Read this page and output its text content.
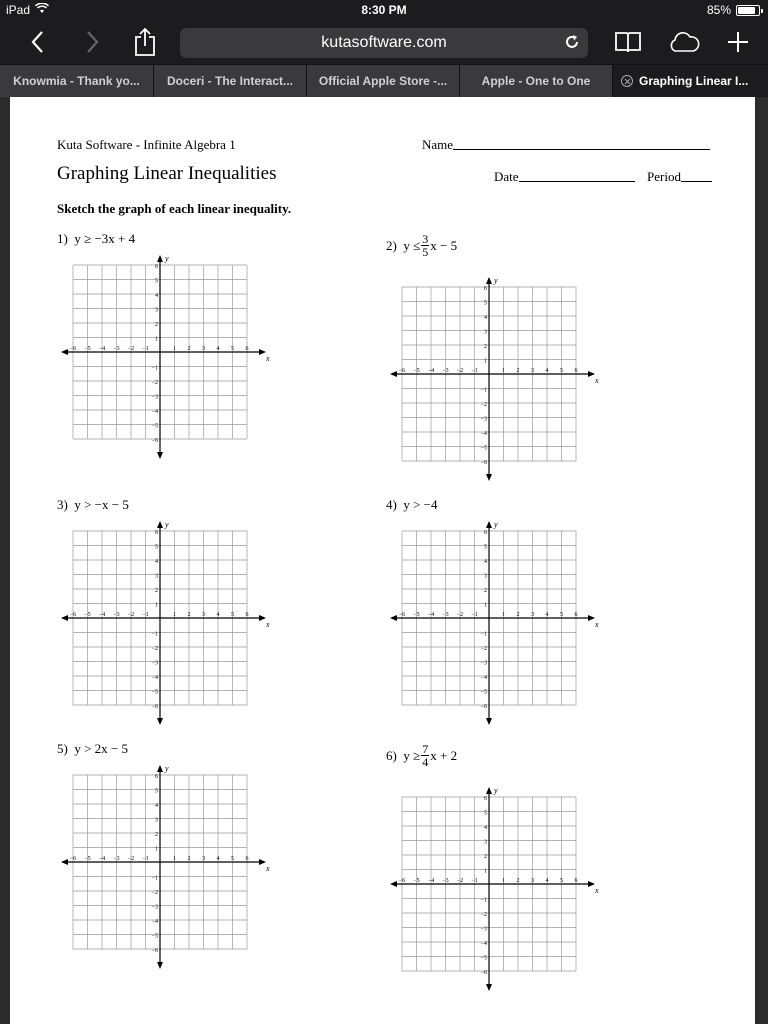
iPad	8:30 PM	85%
kutasoftware.com
Knowmia - Thank yo... Doceri - The Interact... Official Apple Store -...	Apple - One to One	Graphing Linear I...
Kuta Software - Infinite Algebra 1
Graphing Linear Inequalities
Name
Date	Period
Sketch the graph of each linear inequality.
1)
y ≥ −3x + 4	2)
$y \le \frac{3}{5}$ x − 5
3)
y > −x − 5	4)
y > −4
5)
y > 2x − 5	6)
$y \ge \frac{7}{4}$ x + 2
x
y
−6 −5 −4 −3 −2 −1	1 2 3 4 5 6
6
5
4
3
2
1
−1
−2
−3
−4
−5
−6
x
y
−6 −5 −4 −3 −2 −1	1 2 3 4 5 6
6
5
4
3
2
1
−1
−2
−3
−4
−5
−6
x
y
−6 −5 −4 −3 −2 −1	1 2 3 4 5 6
6
5
4
3
2
1
−1
−2
−3
−4
−5
−6
x
y
−6 −5 −4 −3 −2 −1	1 2 3 4 5 6
6
5
4
3
2
1
−1
−2
−3
−4
−5
−6
x
y
−6 −5 −4 −3 −2 −1	1 2 3 4 5 6
6
5
4
3
2
1
−1
−2
−3
−4
−5
−6
x
y
−6 −5 −4 −3 −2 −1	1 2 3 4 5 6
6
5
4
3
2
1
−1
−2
−3
−4
−5
−6
